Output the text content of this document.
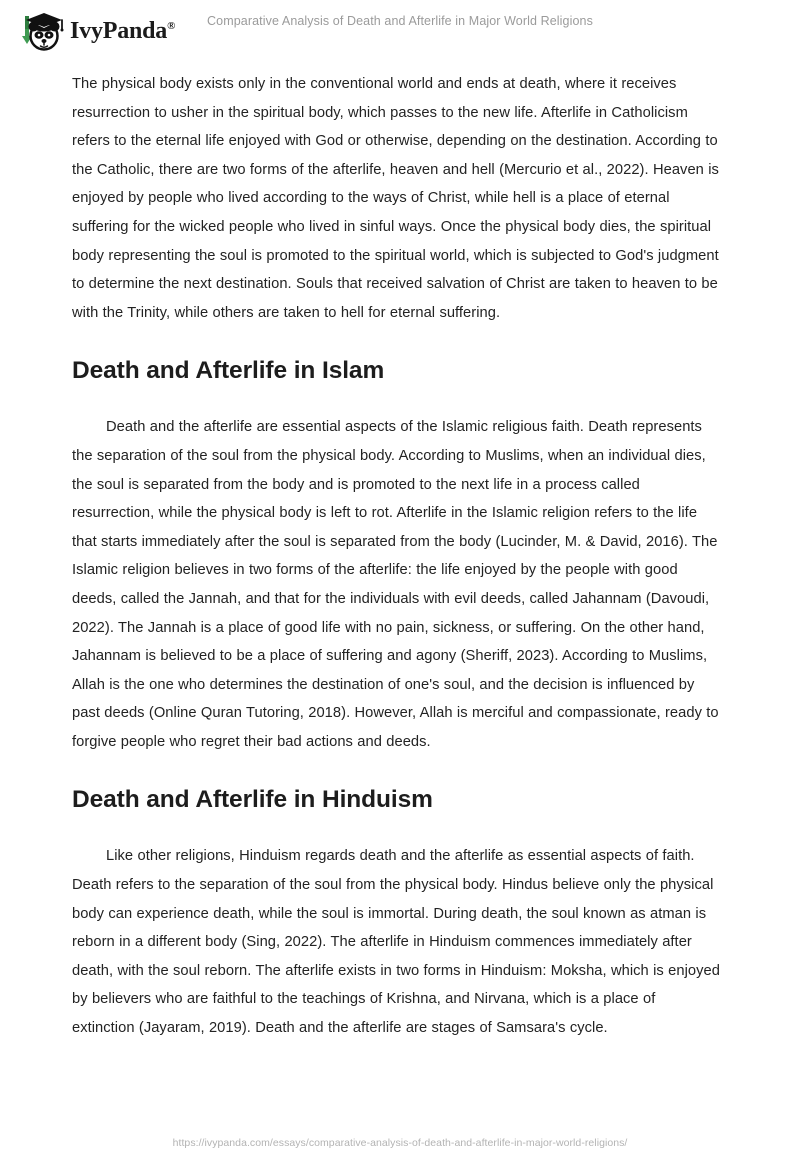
IvyPanda®	Comparative Analysis of Death and Afterlife in Major World Religions

The physical body exists only in the conventional world and ends at death, where it receives resurrection to usher in the spiritual body, which passes to the new life. Afterlife in Catholicism refers to the eternal life enjoyed with God or otherwise, depending on the destination. According to the Catholic, there are two forms of the afterlife, heaven and hell (Mercurio et al., 2022). Heaven is enjoyed by people who lived according to the ways of Christ, while hell is a place of eternal suffering for the wicked people who lived in sinful ways. Once the physical body dies, the spiritual body representing the soul is promoted to the spiritual world, which is subjected to God's judgment to determine the next destination. Souls that received salvation of Christ are taken to heaven to be with the Trinity, while others are taken to hell for eternal suffering.

Death and Afterlife in Islam

Death and the afterlife are essential aspects of the Islamic religious faith. Death represents the separation of the soul from the physical body. According to Muslims, when an individual dies, the soul is separated from the body and is promoted to the next life in a process called resurrection, while the physical body is left to rot. Afterlife in the Islamic religion refers to the life that starts immediately after the soul is separated from the body (Lucinder, M. & David, 2016). The Islamic religion believes in two forms of the afterlife: the life enjoyed by the people with good deeds, called the Jannah, and that for the individuals with evil deeds, called Jahannam (Davoudi, 2022). The Jannah is a place of good life with no pain, sickness, or suffering. On the other hand, Jahannam is believed to be a place of suffering and agony (Sheriff, 2023). According to Muslims, Allah is the one who determines the destination of one's soul, and the decision is influenced by past deeds (Online Quran Tutoring, 2018). However, Allah is merciful and compassionate, ready to forgive people who regret their bad actions and deeds.

Death and Afterlife in Hinduism

Like other religions, Hinduism regards death and the afterlife as essential aspects of faith. Death refers to the separation of the soul from the physical body. Hindus believe only the physical body can experience death, while the soul is immortal. During death, the soul known as atman is reborn in a different body (Sing, 2022). The afterlife in Hinduism commences immediately after death, with the soul reborn. The afterlife exists in two forms in Hinduism: Moksha, which is enjoyed by believers who are faithful to the teachings of Krishna, and Nirvana, which is a place of extinction (Jayaram, 2019). Death and the afterlife are stages of Samsara's cycle.

https://ivypanda.com/essays/comparative-analysis-of-death-and-afterlife-in-major-world-religions/
